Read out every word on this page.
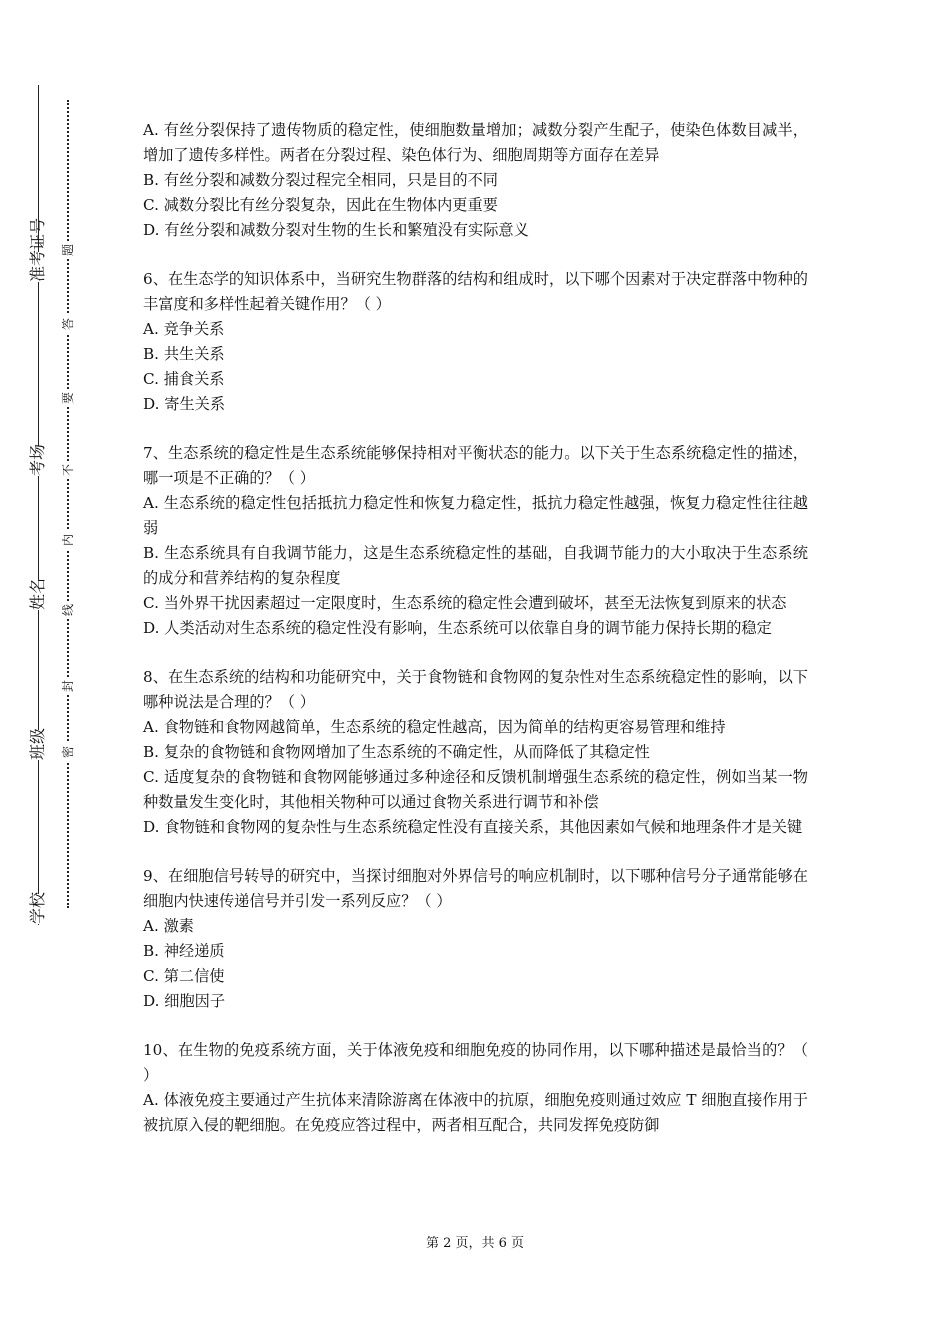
准考证号
考场
姓名
班级
学校
题
答
要
不
内
线
封
密

A. 有丝分裂保持了遗传物质的稳定性，使细胞数量增加；减数分裂产生配子，使染色体数目减半，增加了遗传多样性。两者在分裂过程、染色体行为、细胞周期等方面存在差异

B. 有丝分裂和减数分裂过程完全相同，只是目的不同

C. 减数分裂比有丝分裂复杂，因此在生物体内更重要

D. 有丝分裂和减数分裂对生物的生长和繁殖没有实际意义

6、在生态学的知识体系中，当研究生物群落的结构和组成时，以下哪个因素对于决定群落中物种的丰富度和多样性起着关键作用？（ ）

A. 竞争关系

B. 共生关系

C. 捕食关系

D. 寄生关系

7、生态系统的稳定性是生态系统能够保持相对平衡状态的能力。以下关于生态系统稳定性的描述，哪一项是不正确的？（ ）

A. 生态系统的稳定性包括抵抗力稳定性和恢复力稳定性，抵抗力稳定性越强，恢复力稳定性往往越弱

B. 生态系统具有自我调节能力，这是生态系统稳定性的基础，自我调节能力的大小取决于生态系统的成分和营养结构的复杂程度

C. 当外界干扰因素超过一定限度时，生态系统的稳定性会遭到破坏，甚至无法恢复到原来的状态

D. 人类活动对生态系统的稳定性没有影响，生态系统可以依靠自身的调节能力保持长期的稳定

8、在生态系统的结构和功能研究中，关于食物链和食物网的复杂性对生态系统稳定性的影响，以下哪种说法是合理的？（ ）

A. 食物链和食物网越简单，生态系统的稳定性越高，因为简单的结构更容易管理和维持

B. 复杂的食物链和食物网增加了生态系统的不确定性，从而降低了其稳定性

C. 适度复杂的食物链和食物网能够通过多种途径和反馈机制增强生态系统的稳定性，例如当某一物种数量发生变化时，其他相关物种可以通过食物关系进行调节和补偿

D. 食物链和食物网的复杂性与生态系统稳定性没有直接关系，其他因素如气候和地理条件才是关键

9、在细胞信号转导的研究中，当探讨细胞对外界信号的响应机制时，以下哪种信号分子通常能够在细胞内快速传递信号并引发一系列反应？（ ）

A. 激素

B. 神经递质

C. 第二信使

D. 细胞因子

10、在生物的免疫系统方面，关于体液免疫和细胞免疫的协同作用，以下哪种描述是最恰当的？（ ）

A. 体液免疫主要通过产生抗体来清除游离在体液中的抗原，细胞免疫则通过效应 T 细胞直接作用于被抗原入侵的靶细胞。在免疫应答过程中，两者相互配合，共同发挥免疫防御

第 2 页，共 6 页
